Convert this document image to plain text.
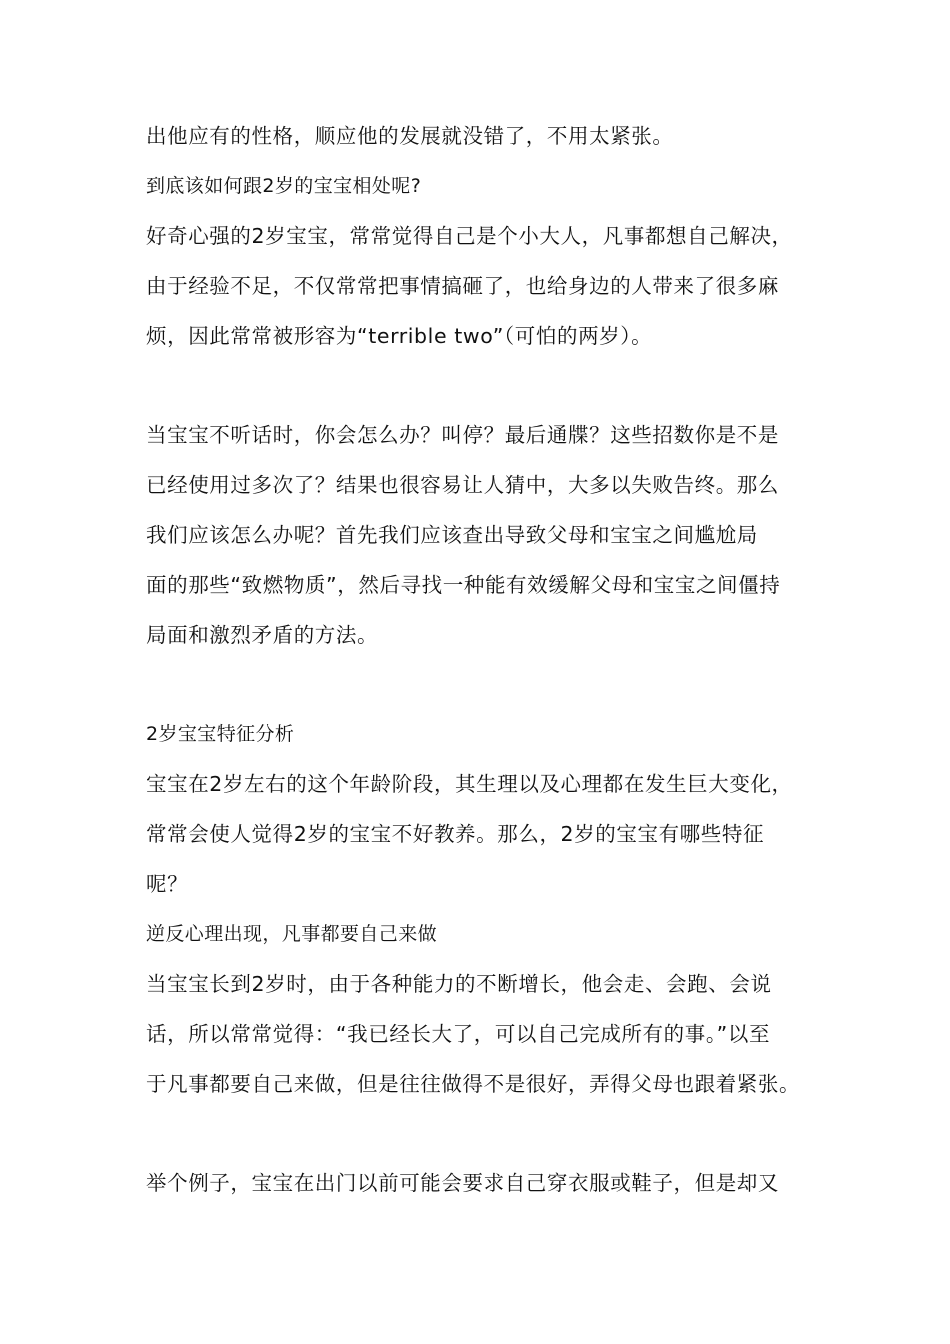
出他应有的性格，顺应他的发展就没错了，不用太紧张。
到底该如何跟2岁的宝宝相处呢?
好奇心强的2岁宝宝，常常觉得自己是个小大人，凡事都想自己解决，
由于经验不足，不仅常常把事情搞砸了，也给身边的人带来了很多麻
烦，因此常常被形容为“terrible two”（可怕的两岁）。
当宝宝不听话时，你会怎么办？叫停？最后通牒？这些招数你是不是
已经使用过多次了？结果也很容易让人猜中，大多以失败告终。那么
我们应该怎么办呢？首先我们应该查出导致父母和宝宝之间尴尬局
面的那些“致燃物质”，然后寻找一种能有效缓解父母和宝宝之间僵持
局面和激烈矛盾的方法。
2岁宝宝特征分析
宝宝在2岁左右的这个年龄阶段，其生理以及心理都在发生巨大变化，
常常会使人觉得2岁的宝宝不好教养。那么，2岁的宝宝有哪些特征
呢？
逆反心理出现，凡事都要自己来做
当宝宝长到2岁时，由于各种能力的不断增长，他会走、会跑、会说
话，所以常常觉得：“我已经长大了，可以自己完成所有的事。”以至
于凡事都要自己来做，但是往往做得不是很好，弄得父母也跟着紧张。
举个例子，宝宝在出门以前可能会要求自己穿衣服或鞋子，但是却又
